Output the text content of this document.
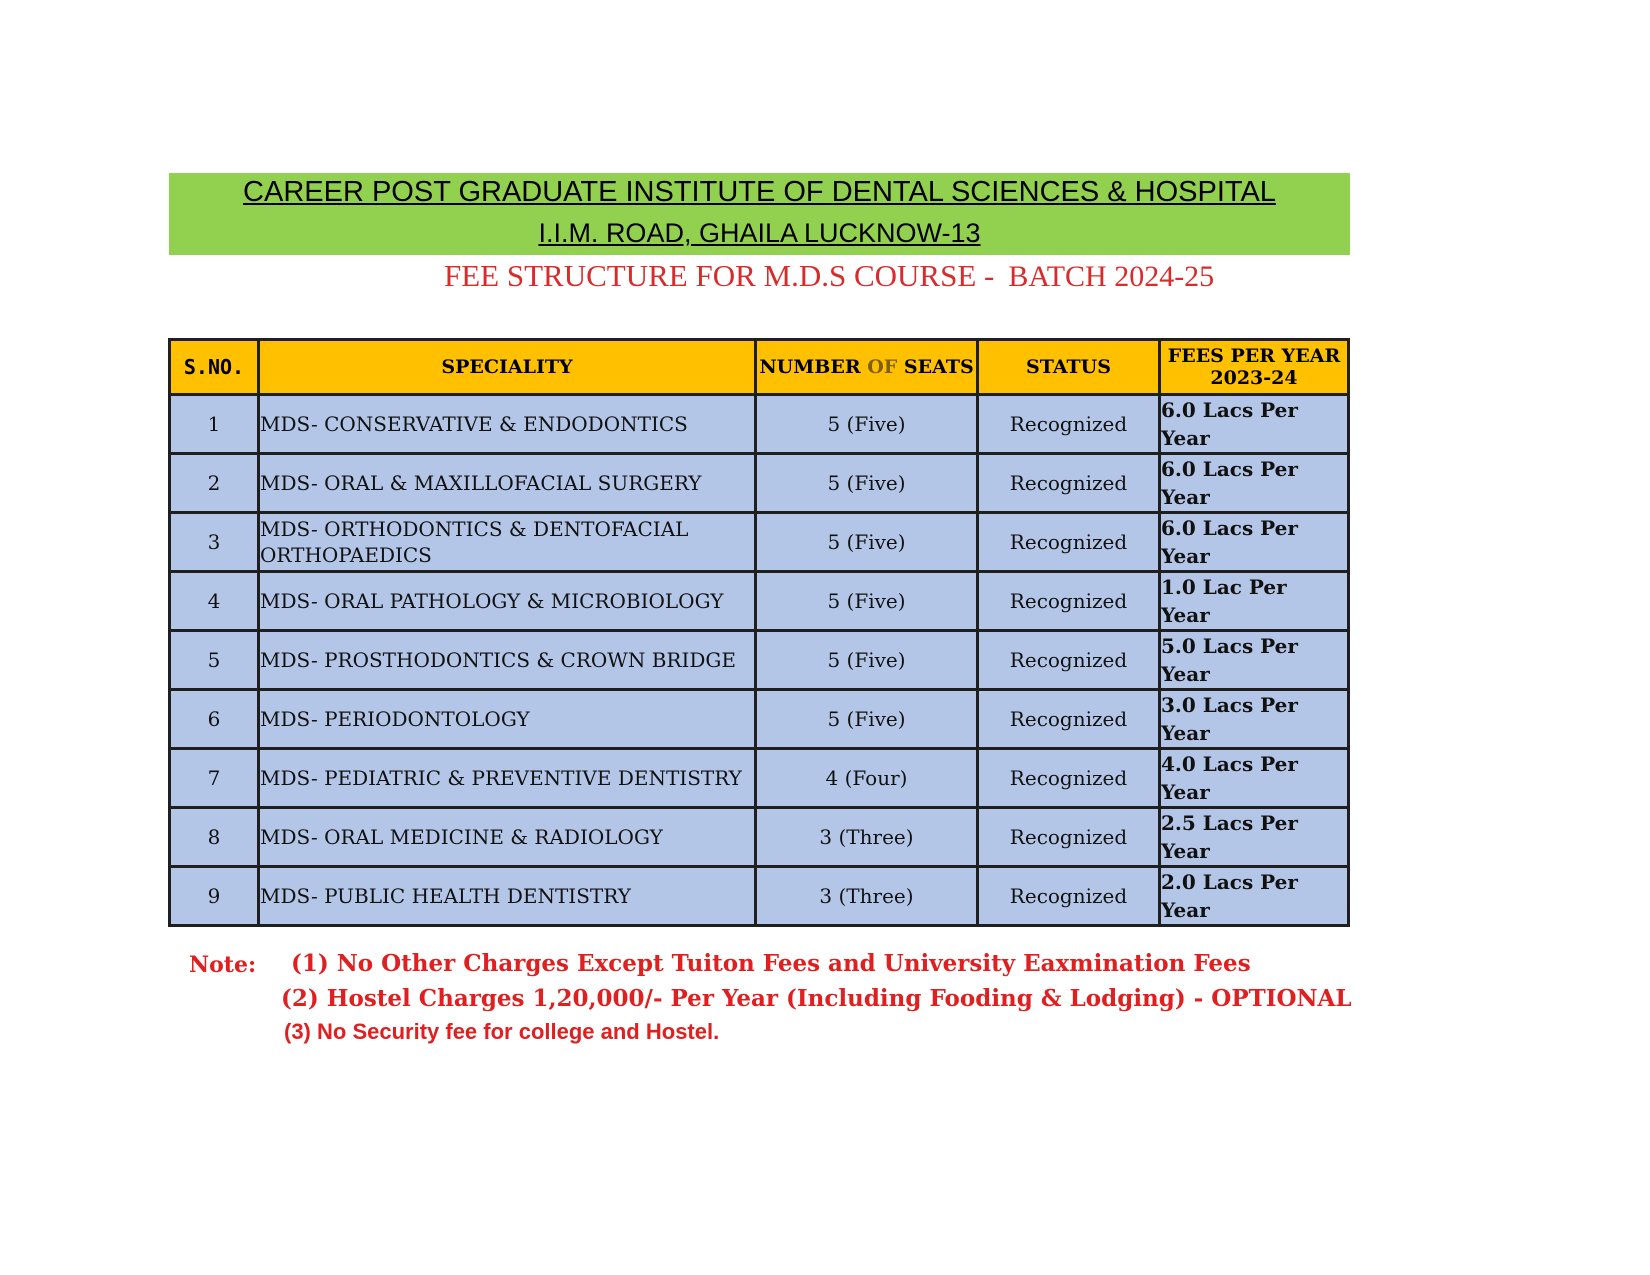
CAREER POST GRADUATE INSTITUTE OF DENTAL SCIENCES & HOSPITAL
I.I.M. ROAD, GHAILA LUCKNOW-13
FEE STRUCTURE FOR M.D.S COURSE - BATCH 2024-25
S.NO.	SPECIALITY	NUMBER OF SEATS	STATUS	FEES PER YEAR
2023-24
1	MDS- CONSERVATIVE & ENDODONTICS	5 (Five)	Recognized	6.0 Lacs Per
Year

2	MDS- ORAL & MAXILLOFACIAL SURGERY	5 (Five)	Recognized	6.0 Lacs Per
Year

3	MDS- ORTHODONTICS & DENTOFACIAL ORTHOPAEDICS	5 (Five)	Recognized	6.0 Lacs Per
Year

4	MDS- ORAL PATHOLOGY & MICROBIOLOGY	5 (Five)	Recognized	1.0 Lac Per
Year

5	MDS- PROSTHODONTICS & CROWN BRIDGE	5 (Five)	Recognized	5.0 Lacs Per
Year

6	MDS- PERIODONTOLOGY	5 (Five)	Recognized	3.0 Lacs Per
Year

7	MDS- PEDIATRIC & PREVENTIVE DENTISTRY	4 (Four)	Recognized	4.0 Lacs Per
Year

8	MDS- ORAL MEDICINE & RADIOLOGY	3 (Three)	Recognized	2.5 Lacs Per
Year

9	MDS- PUBLIC HEALTH DENTISTRY	3 (Three)	Recognized	2.0 Lacs Per
Year
Note: (1) No Other Charges Except Tuiton Fees and University Eaxmination Fees
(2) Hostel Charges 1,20,000/- Per Year (Including Fooding & Lodging) - OPTIONAL
(3) No Security fee for college and Hostel.
